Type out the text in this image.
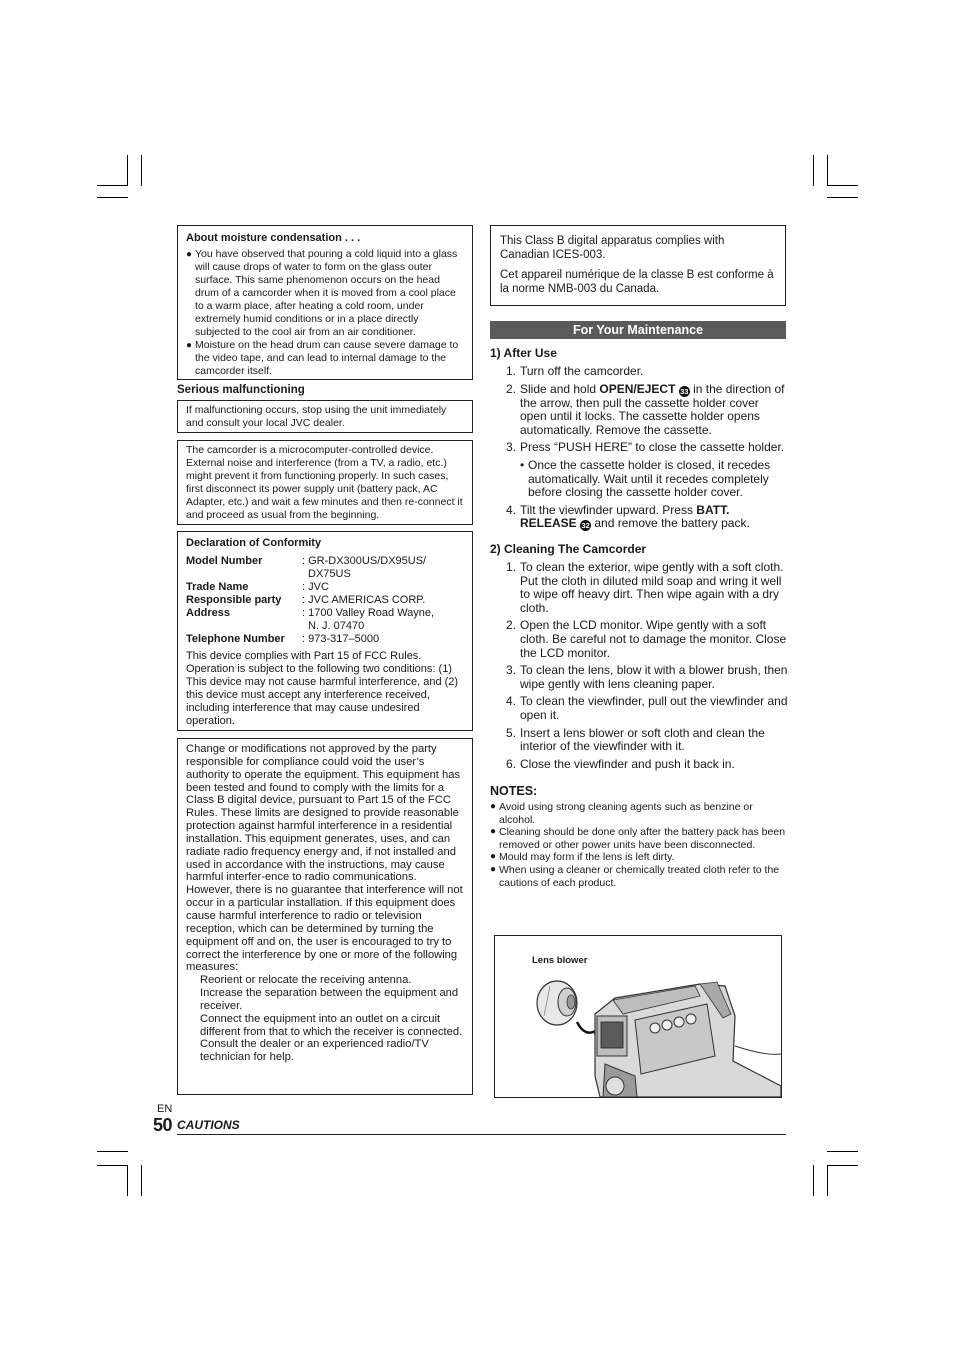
About moisture condensation . . .
● You have observed that pouring a cold liquid into a glass will cause drops of water to form on the glass outer surface. This same phenomenon occurs on the head drum of a camcorder when it is moved from a cool place to a warm place, after heating a cold room, under extremely humid conditions or in a place directly subjected to the cool air from an air conditioner.
● Moisture on the head drum can cause severe damage to the video tape, and can lead to internal damage to the camcorder itself.
Serious malfunctioning
If malfunctioning occurs, stop using the unit immediately and consult your local JVC dealer.
The camcorder is a microcomputer-controlled device. External noise and interference (from a TV, a radio, etc.) might prevent it from functioning properly. In such cases, first disconnect its power supply unit (battery pack, AC Adapter, etc.) and wait a few minutes and then re-connect it and proceed as usual from the beginning.
Declaration of Conformity
Model Number	: GR-DX300US/DX95US/
DX75US
Trade Name	: JVC
Responsible party	: JVC AMERICAS CORP.
Address	: 1700 Valley Road Wayne,
N. J. 07470
Telephone Number	: 973-317–5000
This device complies with Part 15 of FCC Rules. Operation is subject to the following two conditions: (1) This device may not cause harmful interference, and (2) this device must accept any interference received, including interference that may cause undesired operation.
Change or modifications not approved by the party responsible for compliance could void the user’s authority to operate the equipment. This equipment has been tested and found to comply with the limits for a Class B digital device, pursuant to Part 15 of the FCC Rules. These limits are designed to provide reasonable protection against harmful interference in a residential installation. This equipment generates, uses, and can radiate radio frequency energy and, if not installed and used in accordance with the instructions, may cause harmful interfer-ence to radio communications. However, there is no guarantee that interference will not occur in a particular installation. If this equipment does cause harmful interference to radio or television reception, which can be determined by turning the equipment off and on, the user is encouraged to try to correct the interference by one or more of the following measures:
Reorient or relocate the receiving antenna.
Increase the separation between the equipment and receiver.
Connect the equipment into an outlet on a circuit different from that to which the receiver is connected.
Consult the dealer or an experienced radio/TV technician for help.
This Class B digital apparatus complies with Canadian ICES-003.
Cet appareil numérique de la classe B est conforme à la norme NMB-003 du Canada.
For Your Maintenance
1) After Use
1. Turn off the camcorder.
2. Slide and hold OPEN/EJECT 33 in the direction of the arrow, then pull the cassette holder cover open until it locks. The cassette holder opens automatically. Remove the cassette.
3. Press “PUSH HERE” to close the cassette holder.
• Once the cassette holder is closed, it recedes automatically. Wait until it recedes completely before closing the cassette holder cover.
4. Tilt the viewfinder upward. Press BATT.
RELEASE 32 and remove the battery pack.
2) Cleaning The Camcorder
1. To clean the exterior, wipe gently with a soft cloth. Put the cloth in diluted mild soap and wring it well to wipe off heavy dirt. Then wipe again with a dry cloth.
2. Open the LCD monitor. Wipe gently with a soft cloth. Be careful not to damage the monitor. Close the LCD monitor.
3. To clean the lens, blow it with a blower brush, then wipe gently with lens cleaning paper.
4. To clean the viewfinder, pull out the viewfinder and open it.
5. Insert a lens blower or soft cloth and clean the interior of the viewfinder with it.
6. Close the viewfinder and push it back in.
NOTES:
● Avoid using strong cleaning agents such as benzine or alcohol.
● Cleaning should be done only after the battery pack has been removed or other power units have been disconnected.
● Mould may form if the lens is left dirty.
● When using a cleaner or chemically treated cloth refer to the cautions of each product.
Lens blower
EN
50 CAUTIONS
